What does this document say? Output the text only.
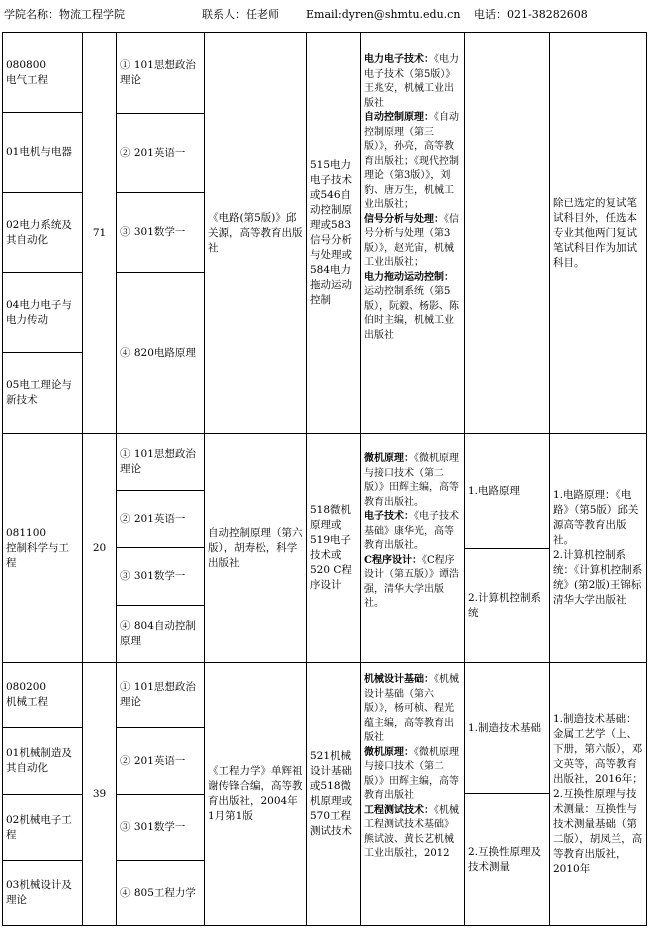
学院名称：物流工程学院	联系人：任老师 Email:dyren@shmtu.edu.cn 电话：021-38282608
080800
电气工程
01电机与电器
02电力系统及其自动化
04电力电子与电力传动
05电工理论与新技术
71
① 101思想政治理论
② 201英语一
③ 301数学一
④ 820电路原理
《电路(第5版)》邱关源，高等教育出版社
515电力电子技术或546自动控制原理或583信号分析与处理或584电力拖动运动控制
电力电子技术：《电力电子技术（第5版）》王兆安，机械工业出版社
自动控制原理：《自动控制原理（第三版）》，孙亮，高等教育出版社；《现代控制理论（第3版）》，刘豹、唐万生，机械工业出版社；
信号分析与处理：《信号分析与处理（第3版）》，赵光宙，机械工业出版社；
电力拖动运动控制：运动控制系统（第5版），阮毅、杨影、陈伯时主编，机械工业出版社
除已选定的复试笔试科目外，任选本专业其他两门复试笔试科目作为加试科目。
081100
控制科学与工程
20
① 101思想政治理论
② 201英语一
③ 301数学一
④ 804自动控制原理
自动控制原理（第六版），胡寿松，科学出版社
518微机原理或519电子技术或520 C程序设计
微机原理：《微机原理与接口技术（第二版）》田辉主编，高等教育出版社。
电子技术：《电子技术基础》康华光，高等教育出版社。
C程序设计：《C程序设计（第五版）》谭浩强，清华大学出版社。
1.电路原理
2.计算机控制系统
1.电路原理：《电路》（第5版）邱关源高等教育出版社。
2.计算机控制系统：《计算机控制系统》(第2版)王锦标 清华大学出版社
080200
机械工程
01机械制造及其自动化
02机械电子工程
03机械设计及理论
39
① 101思想政治理论
② 201英语一
③ 301数学一
④ 805工程力学
《工程力学》单辉祖谢传锋合编，高等教育出版社，2004年1月第1版
521机械设计基础或518微机原理或570工程测试技术
机械设计基础：《机械设计基础（第六版）》，杨可桢、程光蕴主编，高等教育出版社
微机原理：《微机原理与接口技术（第二版）》田辉主编，高等教育出版社
工程测试技术：《机械工程测试技术基础》熊试波、黄长艺机械工业出版社，2012
1.制造技术基础
2.互换性原理及技术测量
1.制造技术基础：金属工艺学（上、下册，第六版），邓文英等，高等教育出版社，2016年；
2.互换性原理与技术测量：互换性与技术测量基础（第二版），胡凤兰，高等教育出版社，2010年
